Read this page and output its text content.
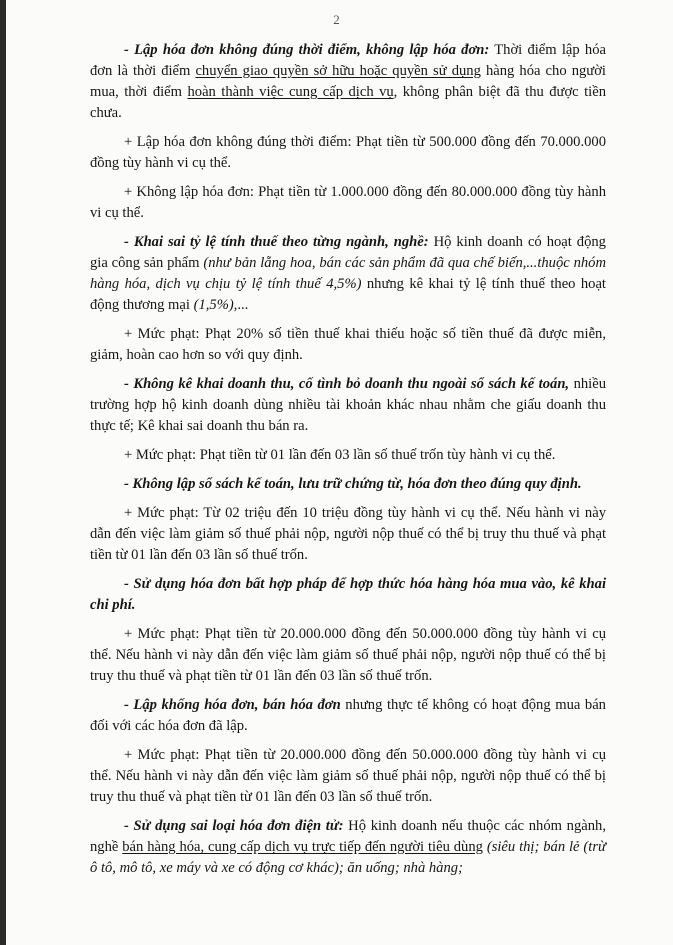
2

- Lập hóa đơn không đúng thời điểm, không lập hóa đơn: Thời điểm lập hóa đơn là thời điểm chuyển giao quyền sở hữu hoặc quyền sử dụng hàng hóa cho người mua, thời điểm hoàn thành việc cung cấp dịch vụ, không phân biệt đã thu được tiền chưa.

+ Lập hóa đơn không đúng thời điểm: Phạt tiền từ 500.000 đồng đến 70.000.000 đồng tùy hành vi cụ thể.

+ Không lập hóa đơn: Phạt tiền từ 1.000.000 đồng đến 80.000.000 đồng tùy hành vi cụ thể.

- Khai sai tỷ lệ tính thuế theo từng ngành, nghề: Hộ kinh doanh có hoạt động gia công sản phẩm (như bản lẵng hoa, bán các sản phẩm đã qua chế biến,...thuộc nhóm hàng hóa, dịch vụ chịu tỷ lệ tính thuế 4,5%) nhưng kê khai tỷ lệ tính thuế theo hoạt động thương mại (1,5%),...

+ Mức phạt: Phạt 20% số tiền thuế khai thiếu hoặc số tiền thuế đã được miễn, giảm, hoàn cao hơn so với quy định.

- Không kê khai doanh thu, cố tình bỏ doanh thu ngoài sổ sách kế toán, nhiều trường hợp hộ kinh doanh dùng nhiều tài khoản khác nhau nhằm che giấu doanh thu thực tế; Kê khai sai doanh thu bán ra.

+ Mức phạt: Phạt tiền từ 01 lần đến 03 lần số thuế trốn tùy hành vi cụ thể.

- Không lập sổ sách kế toán, lưu trữ chứng từ, hóa đơn theo đúng quy định.

+ Mức phạt: Từ 02 triệu đến 10 triệu đồng tùy hành vi cụ thể. Nếu hành vi này dẫn đến việc làm giảm số thuế phải nộp, người nộp thuế có thể bị truy thu thuế và phạt tiền từ 01 lần đến 03 lần số thuế trốn.

- Sử dụng hóa đơn bất hợp pháp để hợp thức hóa hàng hóa mua vào, kê khai chi phí.

+ Mức phạt: Phạt tiền từ 20.000.000 đồng đến 50.000.000 đồng tùy hành vi cụ thể. Nếu hành vi này dẫn đến việc làm giảm số thuế phải nộp, người nộp thuế có thể bị truy thu thuế và phạt tiền từ 01 lần đến 03 lần số thuế trốn.

- Lập khống hóa đơn, bán hóa đơn nhưng thực tế không có hoạt động mua bán đối với các hóa đơn đã lập.

+ Mức phạt: Phạt tiền từ 20.000.000 đồng đến 50.000.000 đồng tùy hành vi cụ thể. Nếu hành vi này dẫn đến việc làm giảm số thuế phải nộp, người nộp thuế có thể bị truy thu thuế và phạt tiền từ 01 lần đến 03 lần số thuế trốn.

- Sử dụng sai loại hóa đơn điện tử: Hộ kinh doanh nếu thuộc các nhóm ngành, nghề bán hàng hóa, cung cấp dịch vụ trực tiếp đến người tiêu dùng (siêu thị; bán lẻ (trừ ô tô, mô tô, xe máy và xe có động cơ khác); ăn uống; nhà hàng;
